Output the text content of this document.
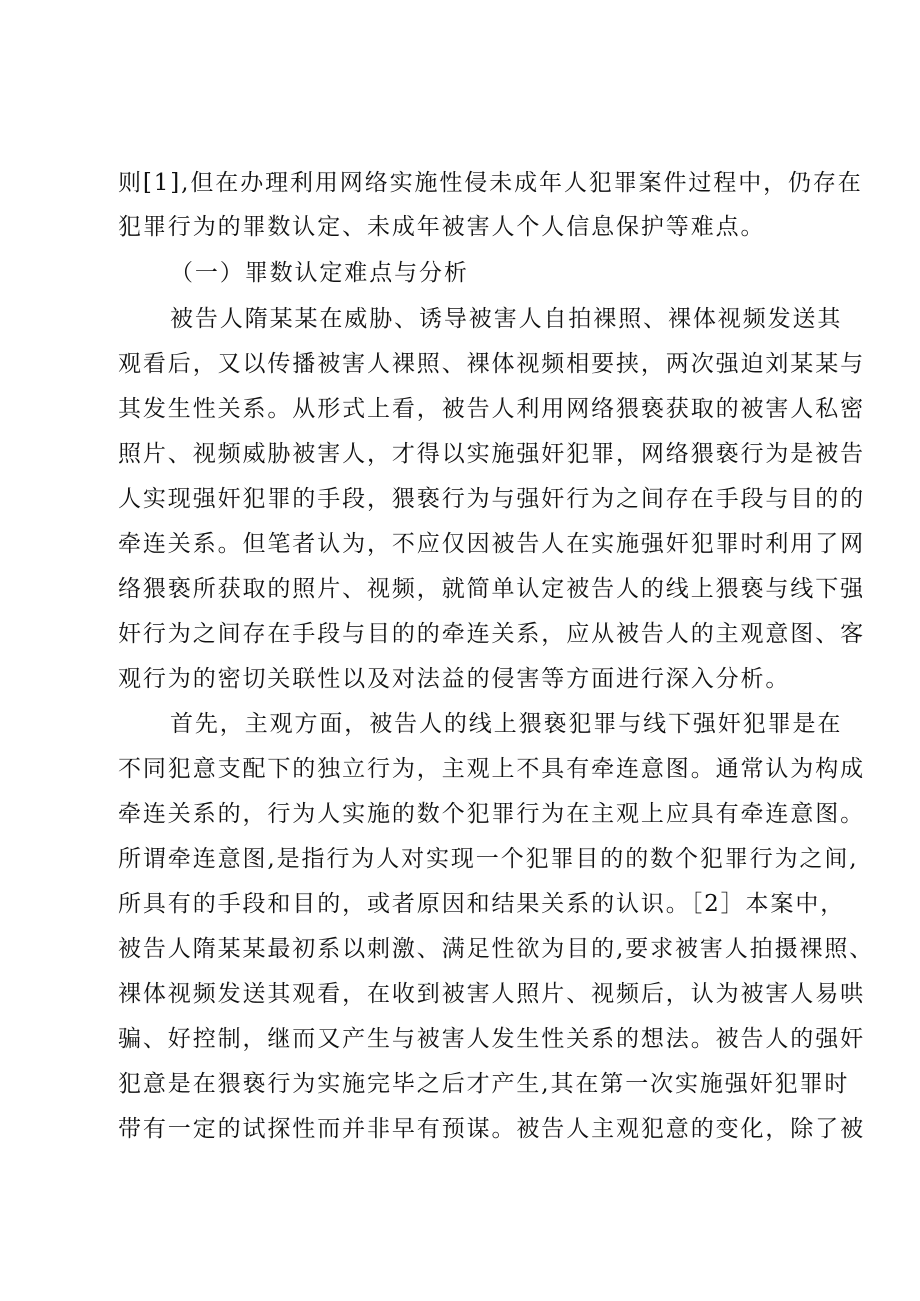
则[1],但在办理利用网络实施性侵未成年人犯罪案件过程中，仍存在
犯罪行为的罪数认定、未成年被害人个人信息保护等难点。
（一）罪数认定难点与分析
被告人隋某某在威胁、诱导被害人自拍裸照、裸体视频发送其
观看后，又以传播被害人裸照、裸体视频相要挟，两次强迫刘某某与
其发生性关系。从形式上看，被告人利用网络猥亵获取的被害人私密
照片、视频威胁被害人，才得以实施强奸犯罪，网络猥亵行为是被告
人实现强奸犯罪的手段，猥亵行为与强奸行为之间存在手段与目的的
牵连关系。但笔者认为，不应仅因被告人在实施强奸犯罪时利用了网
络猥亵所获取的照片、视频，就简单认定被告人的线上猥亵与线下强
奸行为之间存在手段与目的的牵连关系，应从被告人的主观意图、客
观行为的密切关联性以及对法益的侵害等方面进行深入分析。
首先，主观方面，被告人的线上猥亵犯罪与线下强奸犯罪是在
不同犯意支配下的独立行为，主观上不具有牵连意图。通常认为构成
牵连关系的，行为人实施的数个犯罪行为在主观上应具有牵连意图。
所谓牵连意图,是指行为人对实现一个犯罪目的的数个犯罪行为之间,
所具有的手段和目的，或者原因和结果关系的认识。［2］本案中，
被告人隋某某最初系以刺激、满足性欲为目的,要求被害人拍摄裸照、
裸体视频发送其观看，在收到被害人照片、视频后，认为被害人易哄
骗、好控制，继而又产生与被害人发生性关系的想法。被告人的强奸
犯意是在猥亵行为实施完毕之后才产生,其在第一次实施强奸犯罪时
带有一定的试探性而并非早有预谋。被告人主观犯意的变化，除了被
